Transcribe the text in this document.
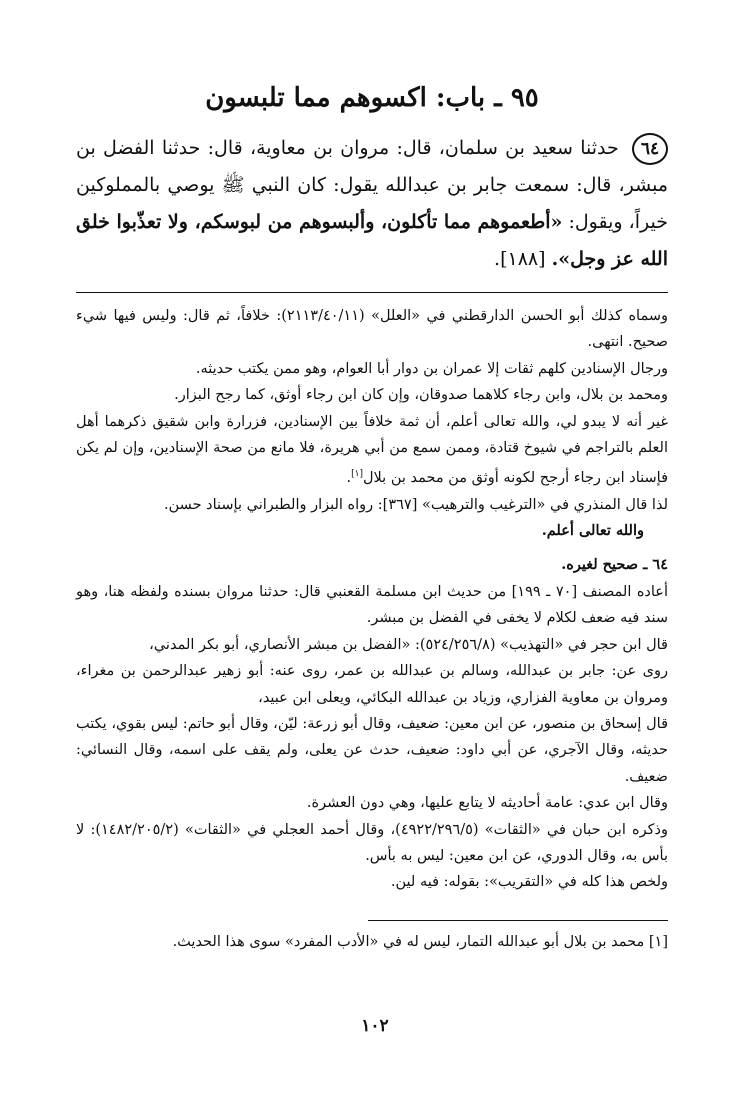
٩٥ ـ باب: اكسوهم مما تلبسون

٦٤ حدثنا سعيد بن سلمان، قال: مروان بن معاوية، قال: حدثنا الفضل بن مبشر، قال: سمعت جابر بن عبدالله يقول: كان النبي ﷺ يوصي بالمملوكين خيراً، ويقول: «أطعموهم مما تأكلون، وألبسوهم من لبوسكم، ولا تعذّبوا خلق الله عز وجل». [١٨٨].

وسماه كذلك أبو الحسن الدارقطني في «العلل» (٢١١٣/٤٠/١١): خلافاً، ثم قال: وليس فيها شيء صحيح. انتهى.

ورجال الإسنادين كلهم ثقات إلا عمران بن دوار أبا العوام، وهو ممن يكتب حديثه.

ومحمد بن بلال، وابن رجاء كلاهما صدوقان، وإن كان ابن رجاء أوثق، كما رجح البزار.

غير أنه لا يبدو لي، والله تعالى أعلم، أن ثمة خلافاً بين الإسنادين، فزرارة وابن شقيق ذكرهما أهل العلم بالتراجم في شيوخ قتادة، وممن سمع من أبي هريرة، فلا مانع من صحة الإسنادين، وإن لم يكن فإسناد ابن رجاء أرجح لكونه أوثق من محمد بن بلال[١].

لذا قال المنذري في «الترغيب والترهيب» [٣٦٧]: رواه البزار والطبراني بإسناد حسن.

والله تعالى أعلم.

٦٤ ـ صحيح لغيره.

أعاده المصنف [٧٠ ـ ١٩٩] من حديث ابن مسلمة القعنبي قال: حدثنا مروان بسنده ولفظه هنا، وهو سند فيه ضعف لكلام لا يخفى في الفضل بن مبشر.

قال ابن حجر في «التهذيب» (٥٢٤/٢٥٦/٨): «الفضل بن مبشر الأنصاري، أبو بكر المدني،

روى عن: جابر بن عبدالله، وسالم بن عبدالله بن عمر، روى عنه: أبو زهير عبدالرحمن بن مغراء، ومروان بن معاوية الفزاري، وزياد بن عبدالله البكائي، ويعلى ابن عبيد،

قال إسحاق بن منصور، عن ابن معين: ضعيف، وقال أبو زرعة: ليّن، وقال أبو حاتم: ليس بقوي، يكتب حديثه، وقال الآجري، عن أبي داود: ضعيف، حدث عن يعلى، ولم يقف على اسمه، وقال النسائي: ضعيف.

وقال ابن عدي: عامة أحاديثه لا يتابع عليها، وهي دون العشرة.

وذكره ابن حبان في «الثقات» (٤٩٢٢/٢٩٦/٥)، وقال أحمد العجلي في «الثقات» (١٤٨٢/٢٠٥/٢): لا بأس به، وقال الدوري، عن ابن معين: ليس به بأس.

ولخص هذا كله في «التقريب»: بقوله: فيه لين.

[١] محمد بن بلال أبو عبدالله التمار، ليس له في «الأدب المفرد» سوى هذا الحديث.

١٠٢
